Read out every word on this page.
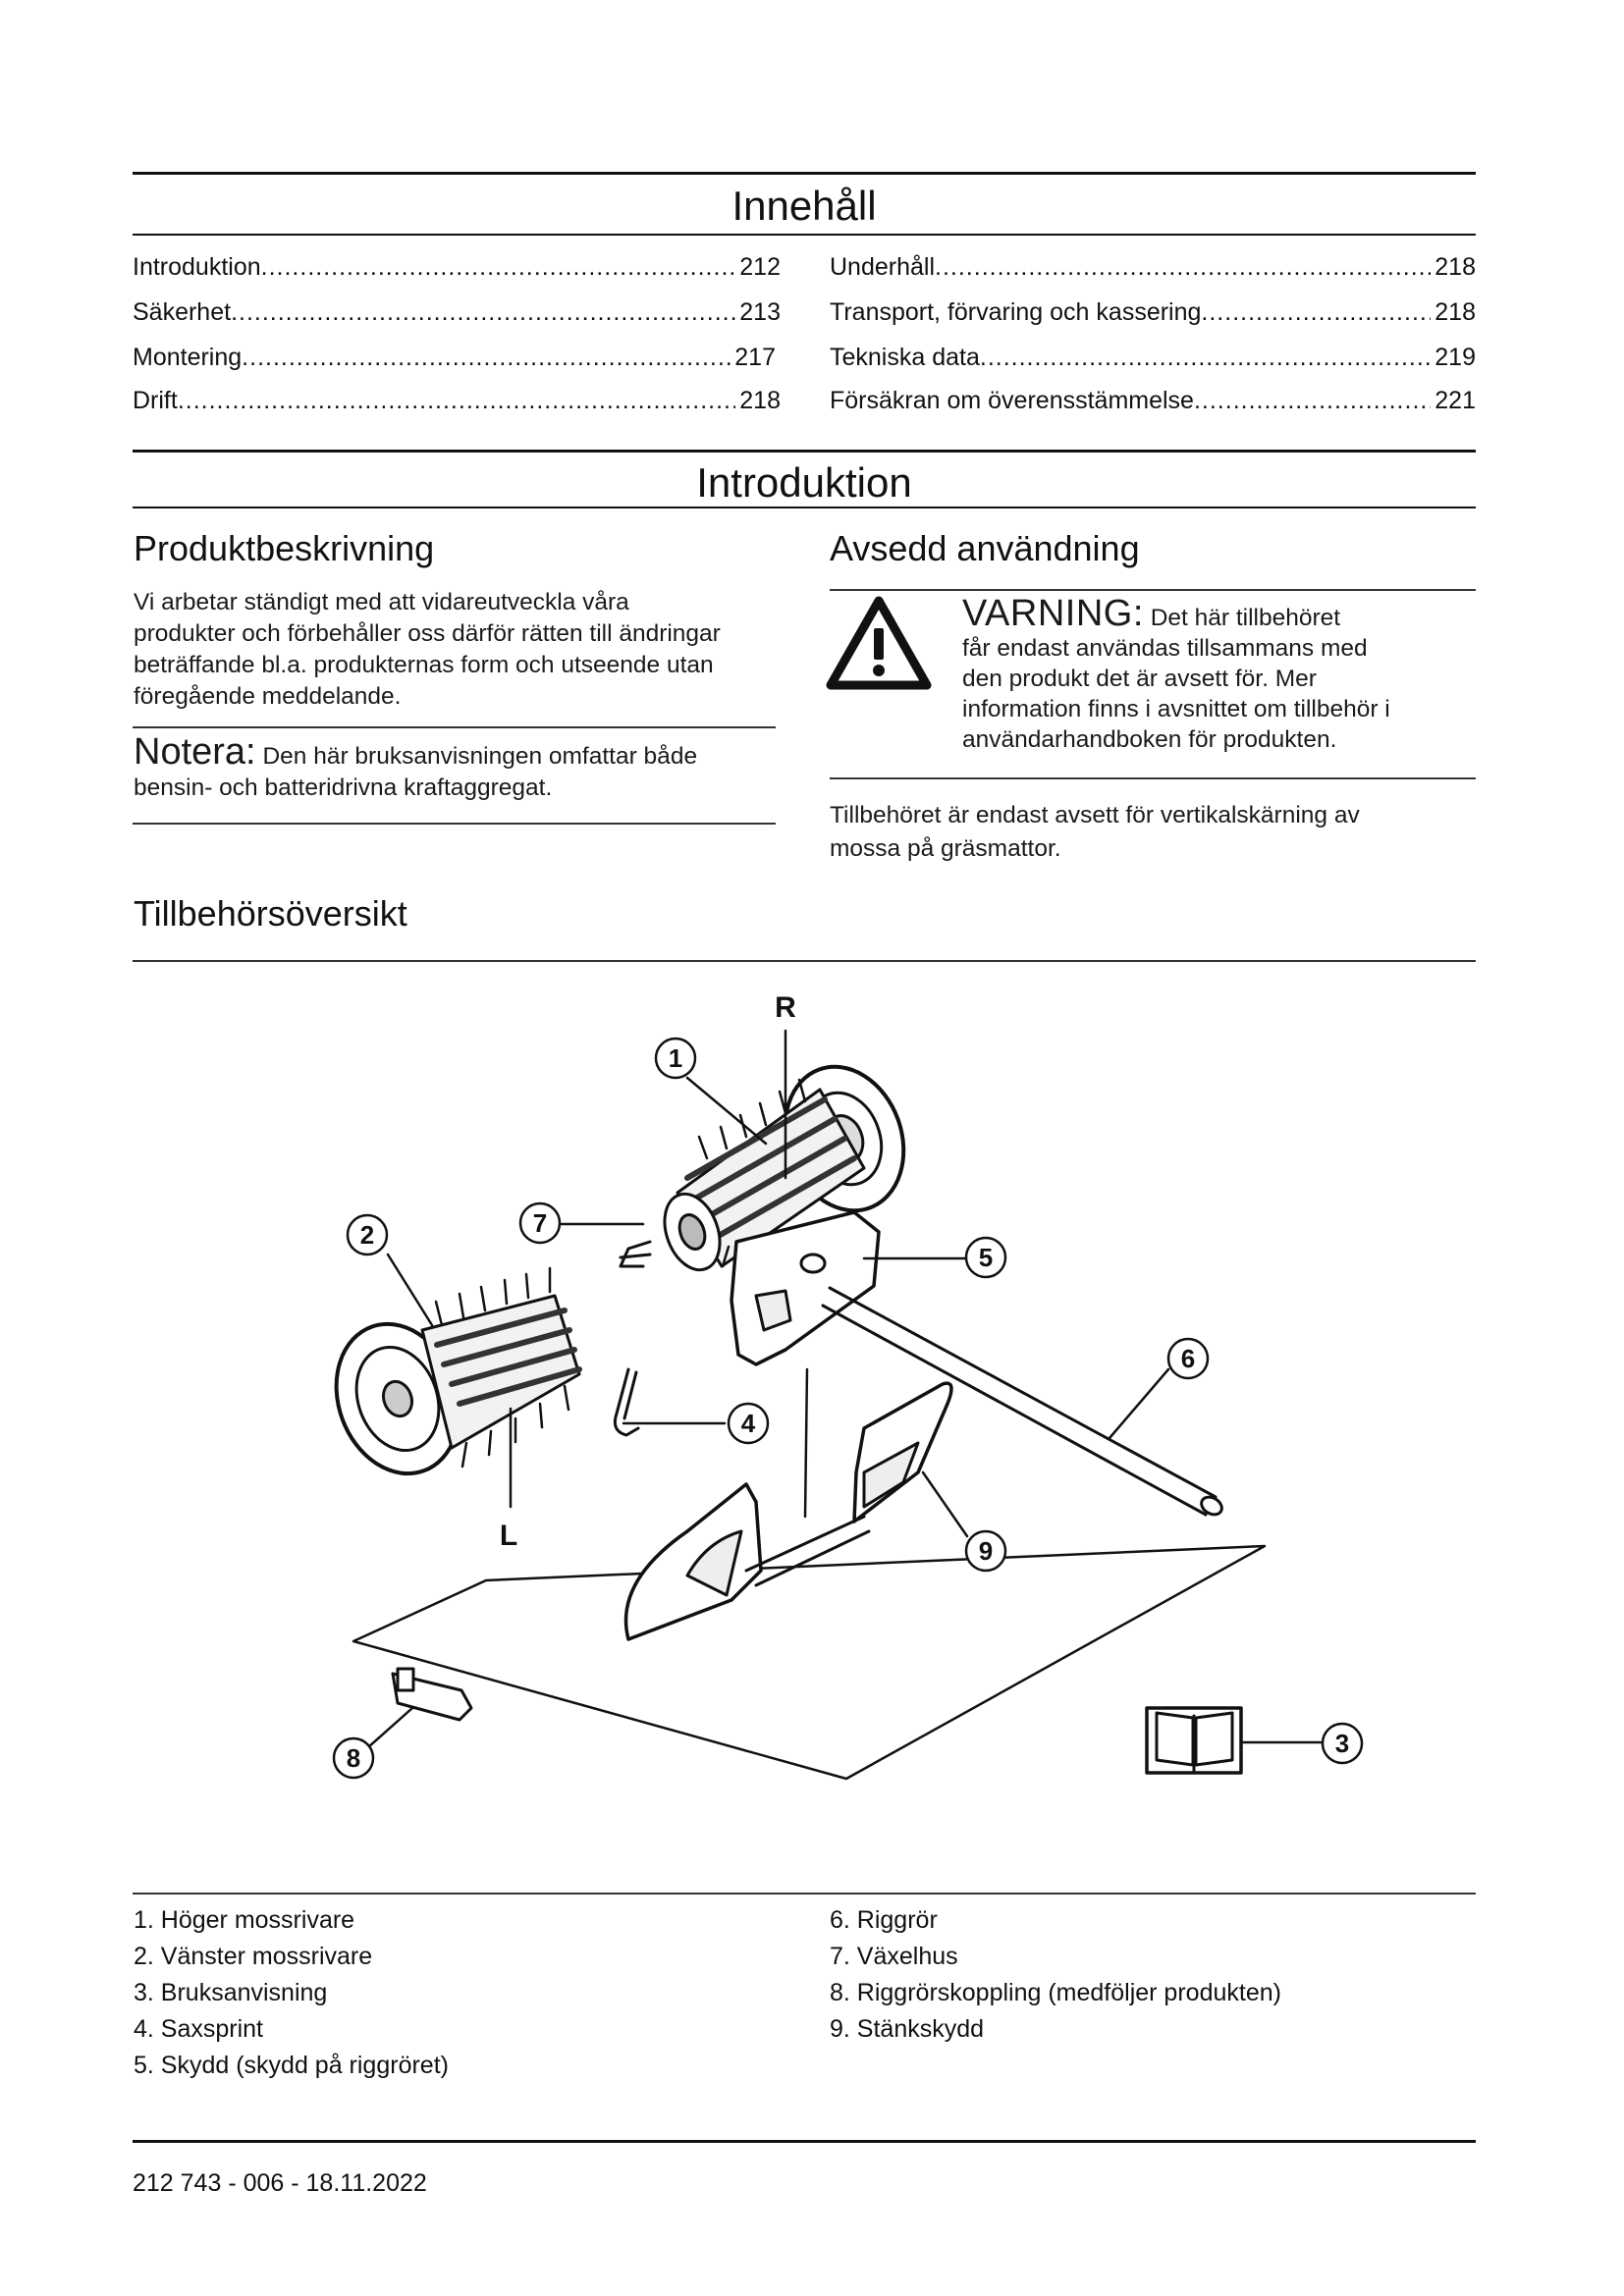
Innehåll
Introduktion .....	212
Säkerhet .....	213
Montering .....	217
Drift .....	218
Underhåll .....	218
Transport, förvaring och kassering .....	218
Tekniska data .....	219
Försäkran om överensstämmelse .....	221
Introduktion
Produktbeskrivning
Vi arbetar ständigt med att vidareutveckla våra
produkter och förbehåller oss därför rätten till ändringar
beträffande bl.a. produkternas form och utseende utan
föregående meddelande.
Notera: Den här bruksanvisningen omfattar både
bensin- och batteridrivna kraftaggregat.
Avsedd användning
VARNING: Det här tillbehöret
får endast användas tillsammans med
den produkt det är avsett för. Mer
information finns i avsnittet om tillbehör i
användarhandboken för produkten.
Tillbehöret är endast avsett för vertikalskärning av
mossa på gräsmattor.
Tillbehörsöversikt
1
2	7
5
6
4
9
8	3
R
L
1. Höger mossrivare
2. Vänster mossrivare
3. Bruksanvisning
4. Saxsprint
5. Skydd (skydd på riggröret)
6. Riggrör
7. Växelhus
8. Riggrörskoppling (medföljer produkten)
9. Stänkskydd
212 743 - 006 - 18.11.2022
